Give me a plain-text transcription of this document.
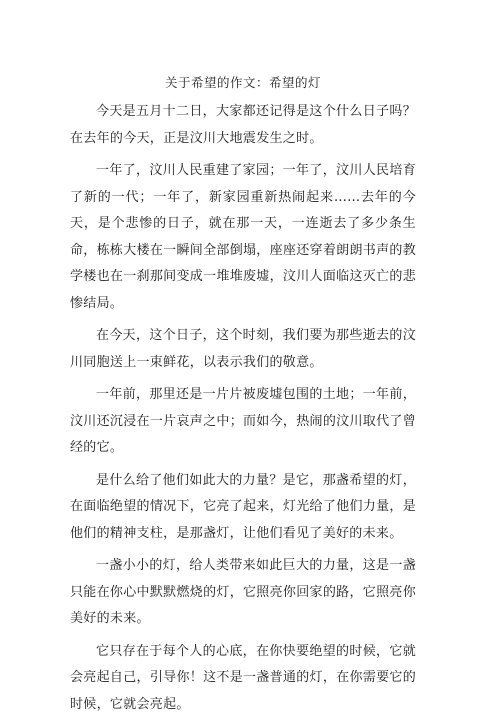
关于希望的作文：希望的灯

今天是五月十二日，大家都还记得是这个什么日子吗？在去年的今天，正是汶川大地震发生之时。

一年了，汶川人民重建了家园；一年了，汶川人民培育了新的一代；一年了，新家园重新热闹起来……去年的今天，是个悲惨的日子，就在那一天，一连逝去了多少条生命，栋栋大楼在一瞬间全部倒塌，座座还穿着朗朗书声的教学楼也在一刹那间变成一堆堆废墟，汶川人面临这灭亡的悲惨结局。

在今天，这个日子，这个时刻，我们要为那些逝去的汶川同胞送上一束鲜花，以表示我们的敬意。

一年前，那里还是一片片被废墟包围的土地；一年前，汶川还沉浸在一片哀声之中；而如今，热闹的汶川取代了曾经的它。

是什么给了他们如此大的力量？是它，那盏希望的灯，在面临绝望的情况下，它亮了起来，灯光给了他们力量，是他们的精神支柱，是那盏灯，让他们看见了美好的未来。

一盏小小的灯，给人类带来如此巨大的力量，这是一盏只能在你心中默默燃烧的灯，它照亮你回家的路，它照亮你美好的未来。

它只存在于每个人的心底，在你快要绝望的时候，它就会亮起自己，引导你！这不是一盏普通的灯，在你需要它的时候，它就会亮起。
